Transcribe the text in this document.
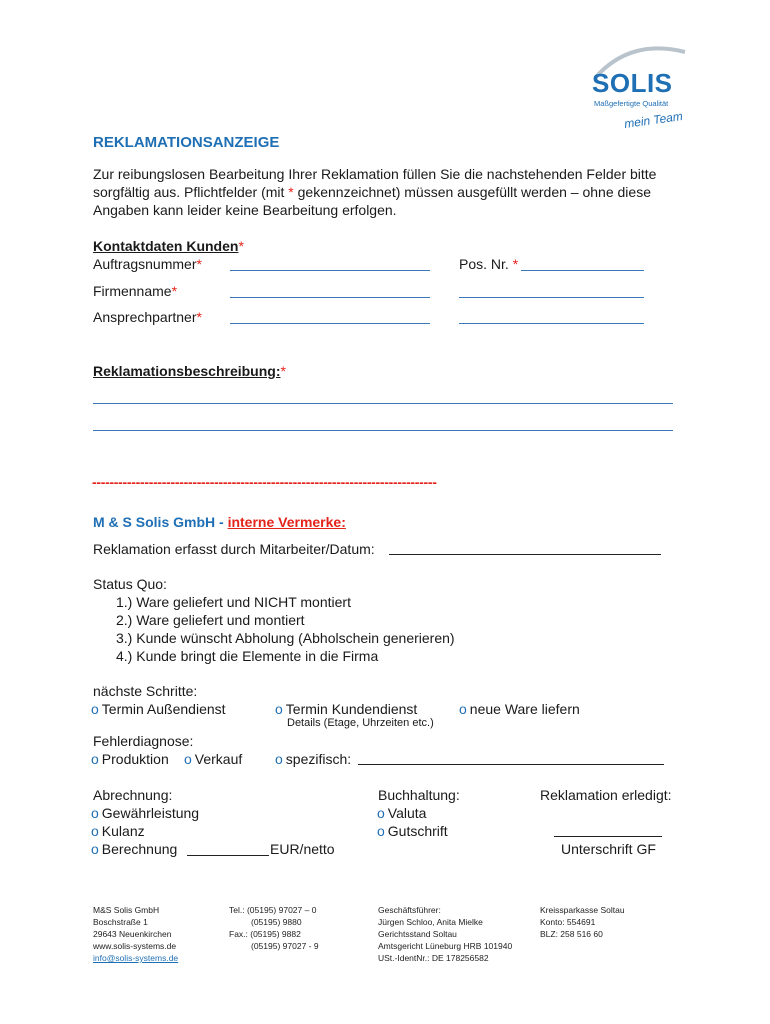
SOLIS
Maßgefertigte Qualität
mein Team
REKLAMATIONSANZEIGE
Zur reibungslosen Bearbeitung Ihrer Reklamation füllen Sie die nachstehenden Felder bitte
sorgfältig aus. Pflichtfelder (mit * gekennzeichnet) müssen ausgefüllt werden – ohne diese
Angaben kann leider keine Bearbeitung erfolgen.
Kontaktdaten Kunden*
Auftragsnummer*	Pos. Nr. *
Firmenname*
Ansprechpartner*
Reklamationsbeschreibung:*
-------------------------------------------------------------------------------
M & S Solis GmbH - interne Vermerke:
Reklamation erfasst durch Mitarbeiter/Datum:
Status Quo:
1.) Ware geliefert und NICHT montiert
2.) Ware geliefert und montiert
3.) Kunde wünscht Abholung (Abholschein generieren)
4.) Kunde bringt die Elemente in die Firma
nächste Schritte:
o Termin Außendienst	o Termin Kundendienst	o neue Ware liefern
Details (Etage, Uhrzeiten etc.)
Fehlerdiagnose:
o Produktion o Verkauf o spezifisch:
Abrechnung:
o Gewährleistung
o Kulanz
o Berechnung	EUR/netto
Buchhaltung:
o Valuta
o Gutschrift
Reklamation erledigt:
Unterschrift GF
M&S Solis GmbH
Boschstraße 1
29643 Neuenkirchen
www.solis-systems.de
info@solis-systems.de
Tel.: (05195) 97027 – 0
(05195) 9880
Fax.: (05195) 9882
(05195) 97027 - 9
Geschäftsführer:
Jürgen Schloo, Anita Mielke
Gerichtsstand Soltau
Amtsgericht Lüneburg HRB 101940
USt.-IdentNr.: DE 178256582
Kreissparkasse Soltau
Konto: 554691
BLZ: 258 516 60
